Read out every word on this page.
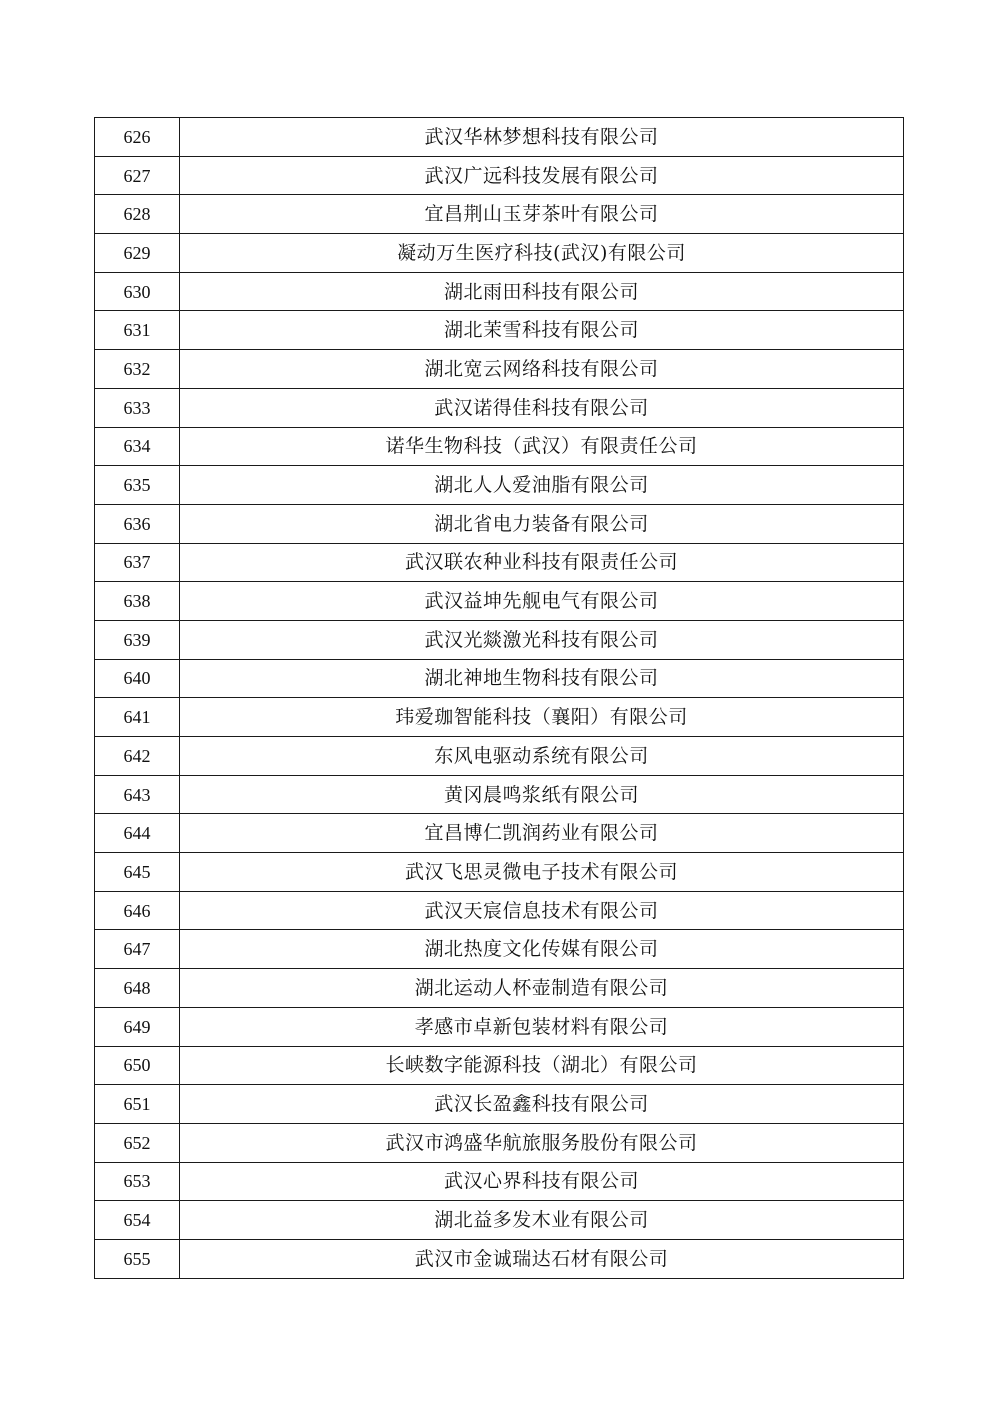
626	武汉华林梦想科技有限公司
627	武汉广远科技发展有限公司
628	宜昌荆山玉芽茶叶有限公司
629	凝动万生医疗科技(武汉)有限公司
630	湖北雨田科技有限公司
631	湖北茉雪科技有限公司
632	湖北宽云网络科技有限公司
633	武汉诺得佳科技有限公司
634	诺华生物科技（武汉）有限责任公司
635	湖北人人爱油脂有限公司
636	湖北省电力装备有限公司
637	武汉联农种业科技有限责任公司
638	武汉益坤先舰电气有限公司
639	武汉光燚激光科技有限公司
640	湖北神地生物科技有限公司
641	玮爱珈智能科技（襄阳）有限公司
642	东风电驱动系统有限公司
643	黄冈晨鸣浆纸有限公司
644	宜昌博仁凯润药业有限公司
645	武汉飞思灵微电子技术有限公司
646	武汉天宸信息技术有限公司
647	湖北热度文化传媒有限公司
648	湖北运动人杯壶制造有限公司
649	孝感市卓新包装材料有限公司
650	长峡数字能源科技（湖北）有限公司
651	武汉长盈鑫科技有限公司
652	武汉市鸿盛华航旅服务股份有限公司
653	武汉心界科技有限公司
654	湖北益多发木业有限公司
655	武汉市金诚瑞达石材有限公司
